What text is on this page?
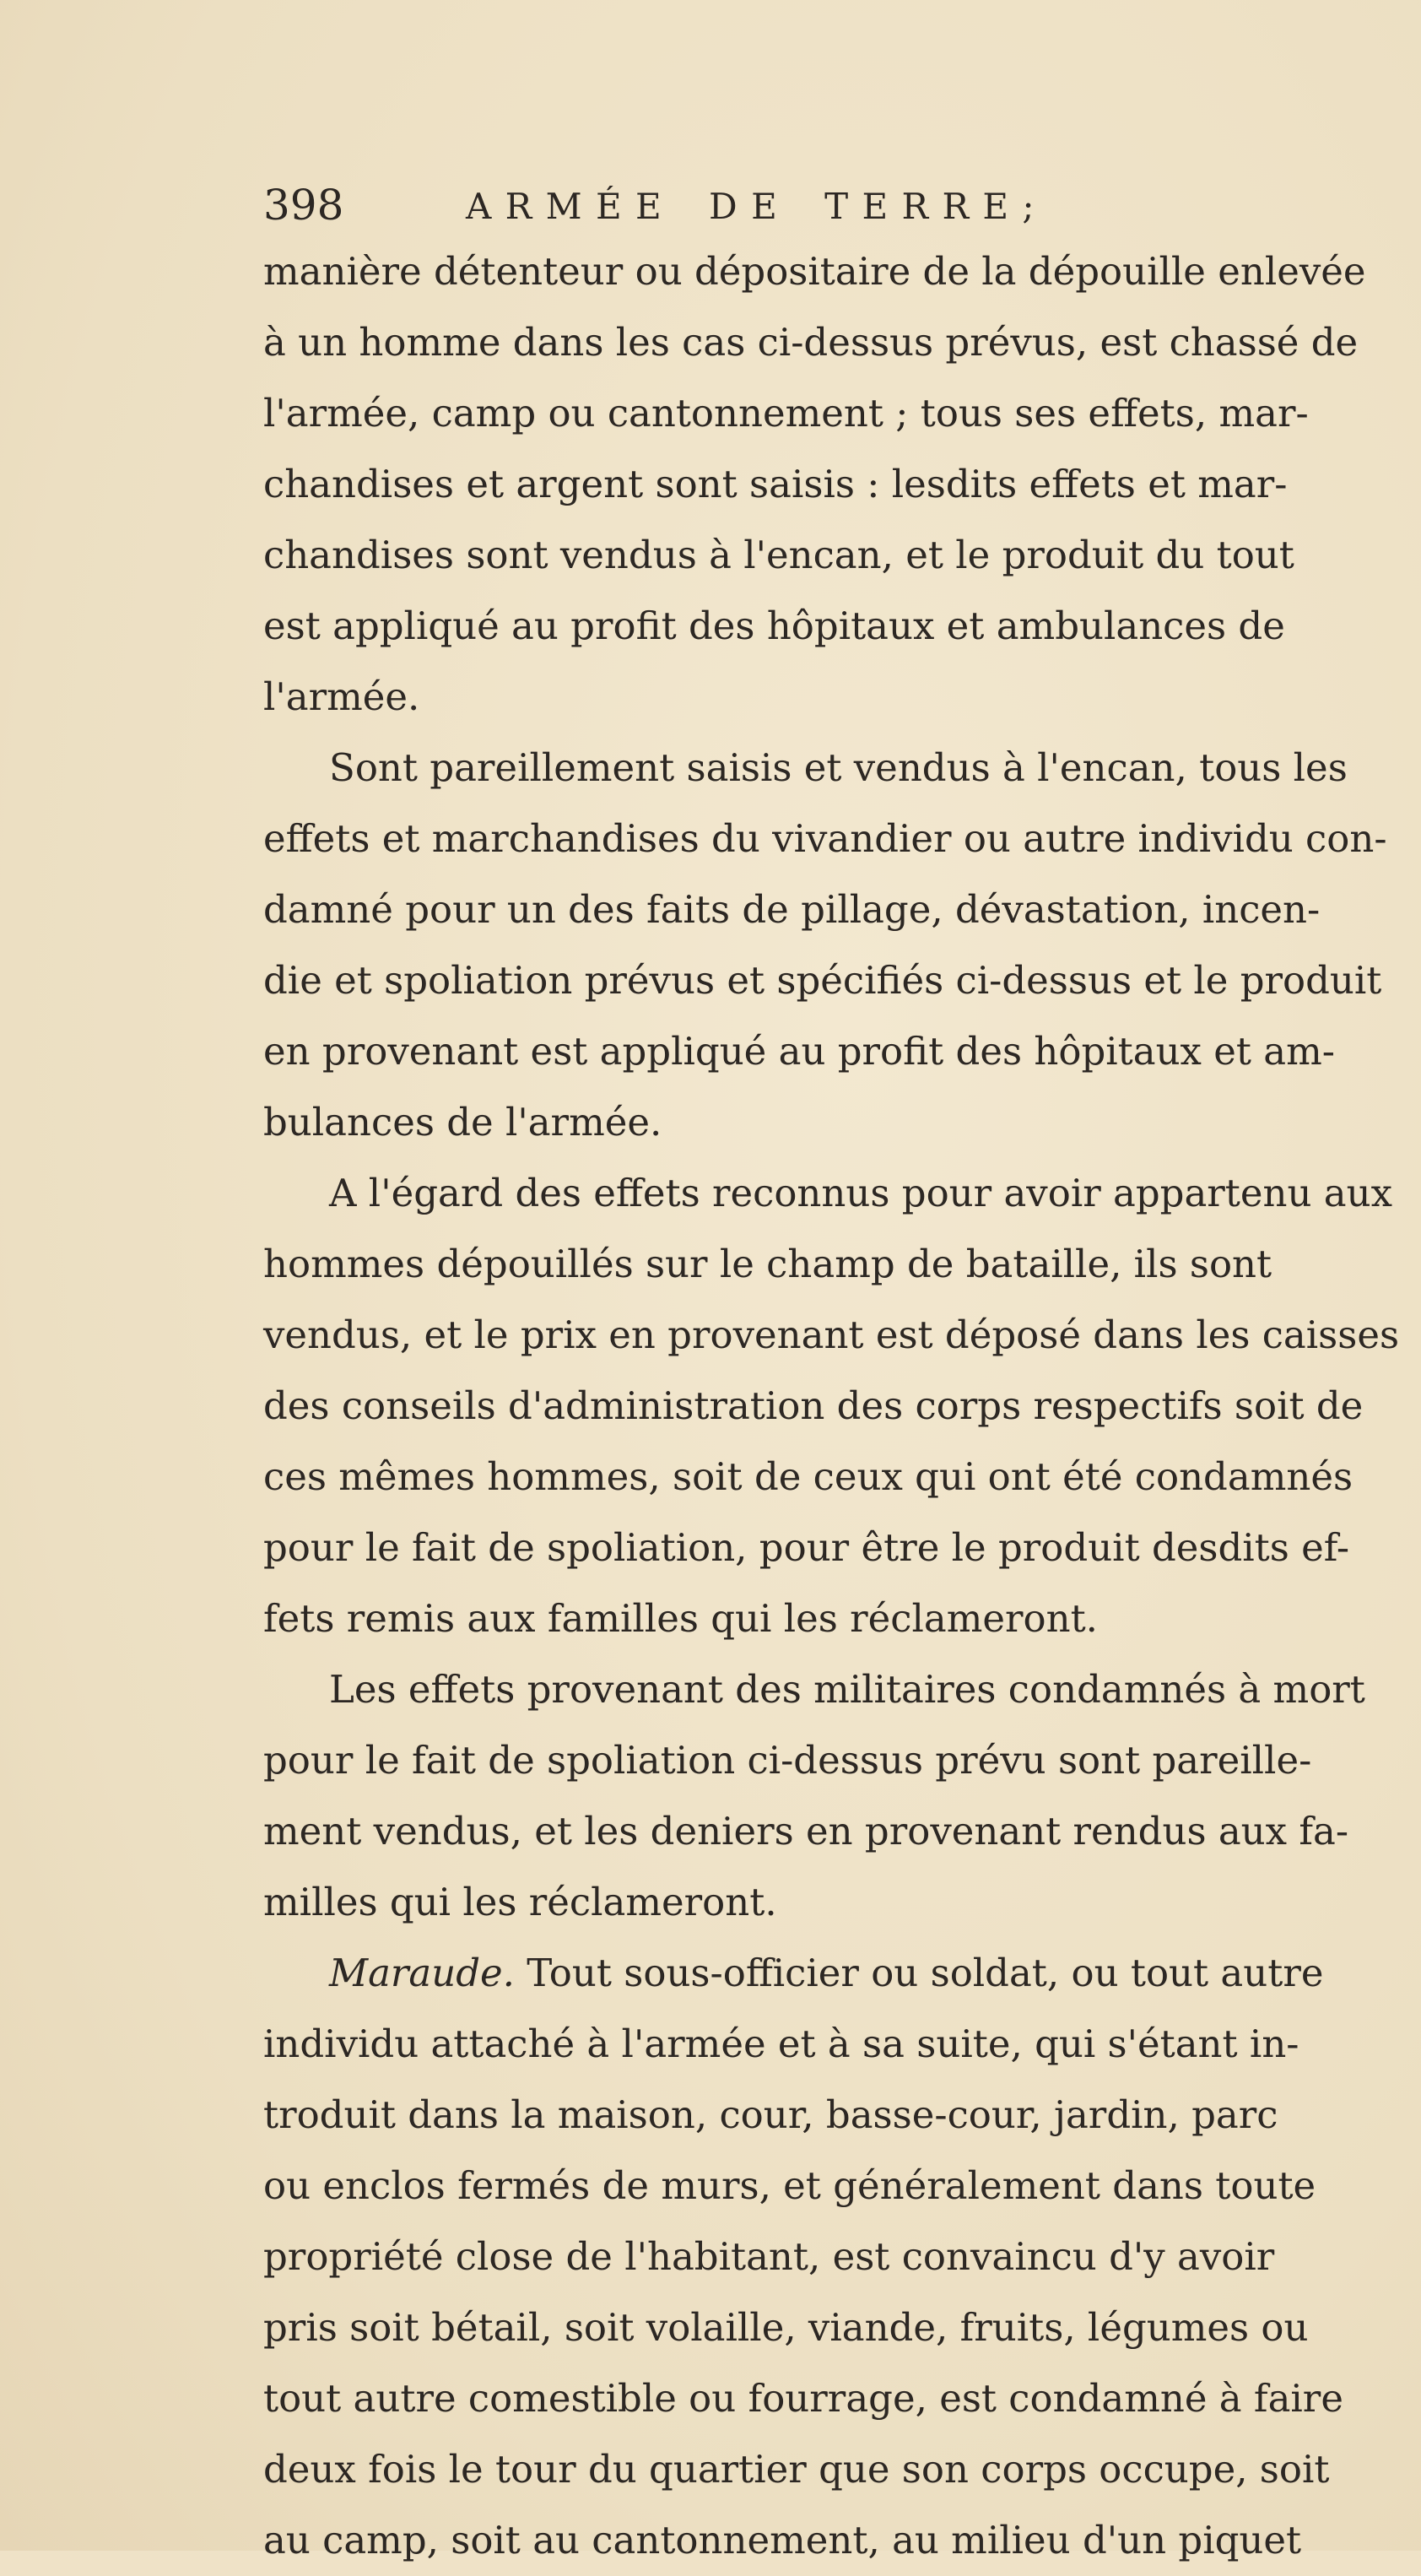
398	A R M É E D E T E R R E ;
manière détenteur ou dépositaire de la dépouille enlevée
à un homme dans les cas ci-dessus prévus, est chassé de
l'armée, camp ou cantonnement ; tous ses effets, mar-
chandises et argent sont saisis : lesdits effets et mar-
chandises sont vendus à l'encan, et le produit du tout
est appliqué au profit des hôpitaux et ambulances de
l'armée.
Sont pareillement saisis et vendus à l'encan, tous les
effets et marchandises du vivandier ou autre individu con-
damné pour un des faits de pillage, dévastation, incen-
die et spoliation prévus et spécifiés ci-dessus et le produit
en provenant est appliqué au profit des hôpitaux et am-
bulances de l'armée.
A l'égard des effets reconnus pour avoir appartenu aux
hommes dépouillés sur le champ de bataille, ils sont
vendus, et le prix en provenant est déposé dans les caisses
des conseils d'administration des corps respectifs soit de
ces mêmes hommes, soit de ceux qui ont été condamnés
pour le fait de spoliation, pour être le produit desdits ef-
fets remis aux familles qui les réclameront.
Les effets provenant des militaires condamnés à mort
pour le fait de spoliation ci-dessus prévu sont pareille-
ment vendus, et les deniers en provenant rendus aux fa-
milles qui les réclameront.
Maraude. Tout sous-officier ou soldat, ou tout autre
individu attaché à l'armée et à sa suite, qui s'étant in-
troduit dans la maison, cour, basse-cour, jardin, parc
ou enclos fermés de murs, et généralement dans toute
propriété close de l'habitant, est convaincu d'y avoir
pris soit bétail, soit volaille, viande, fruits, légumes ou
tout autre comestible ou fourrage, est condamné à faire
deux fois le tour du quartier que son corps occupe, soit
au camp, soit au cantonnement, au milieu d'un piquet
